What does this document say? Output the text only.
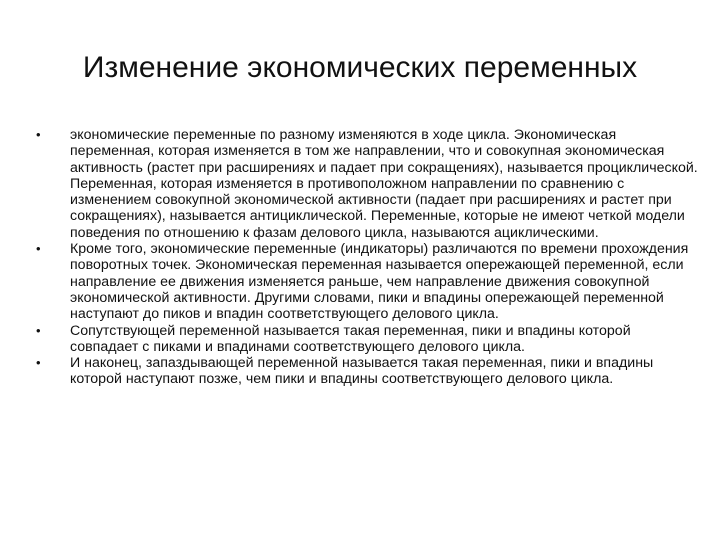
Изменение экономических переменных
• экономические переменные по разному изменяются в ходе цикла. Экономическая переменная, которая изменяется в том же направлении, что и совокупная экономическая активность (растет при расширениях и падает при сокращениях), называется проциклической. Переменная, которая изменяется в противоположном направлении по сравнению с изменением совокупной экономической активности (падает при расширениях и растет при сокращениях), называется антициклической. Переменные, которые не имеют четкой модели поведения по отношению к фазам делового цикла, называются ациклическими.
• Кроме того, экономические переменные (индикаторы) различаются по времени прохождения поворотных точек. Экономическая переменная называется опережающей переменной, если направление ее движения изменяется раньше, чем направление движения совокупной экономической активности. Другими словами, пики и впадины опережающей переменной наступают до пиков и впадин соответствующего делового цикла.
• Сопутствующей переменной называется такая переменная, пики и впадины которой совпадает с пиками и впадинами соответствующего делового цикла.
• И наконец, запаздывающей переменной называется такая переменная, пики и впадины которой наступают позже, чем пики и впадины соответствующего делового цикла.
